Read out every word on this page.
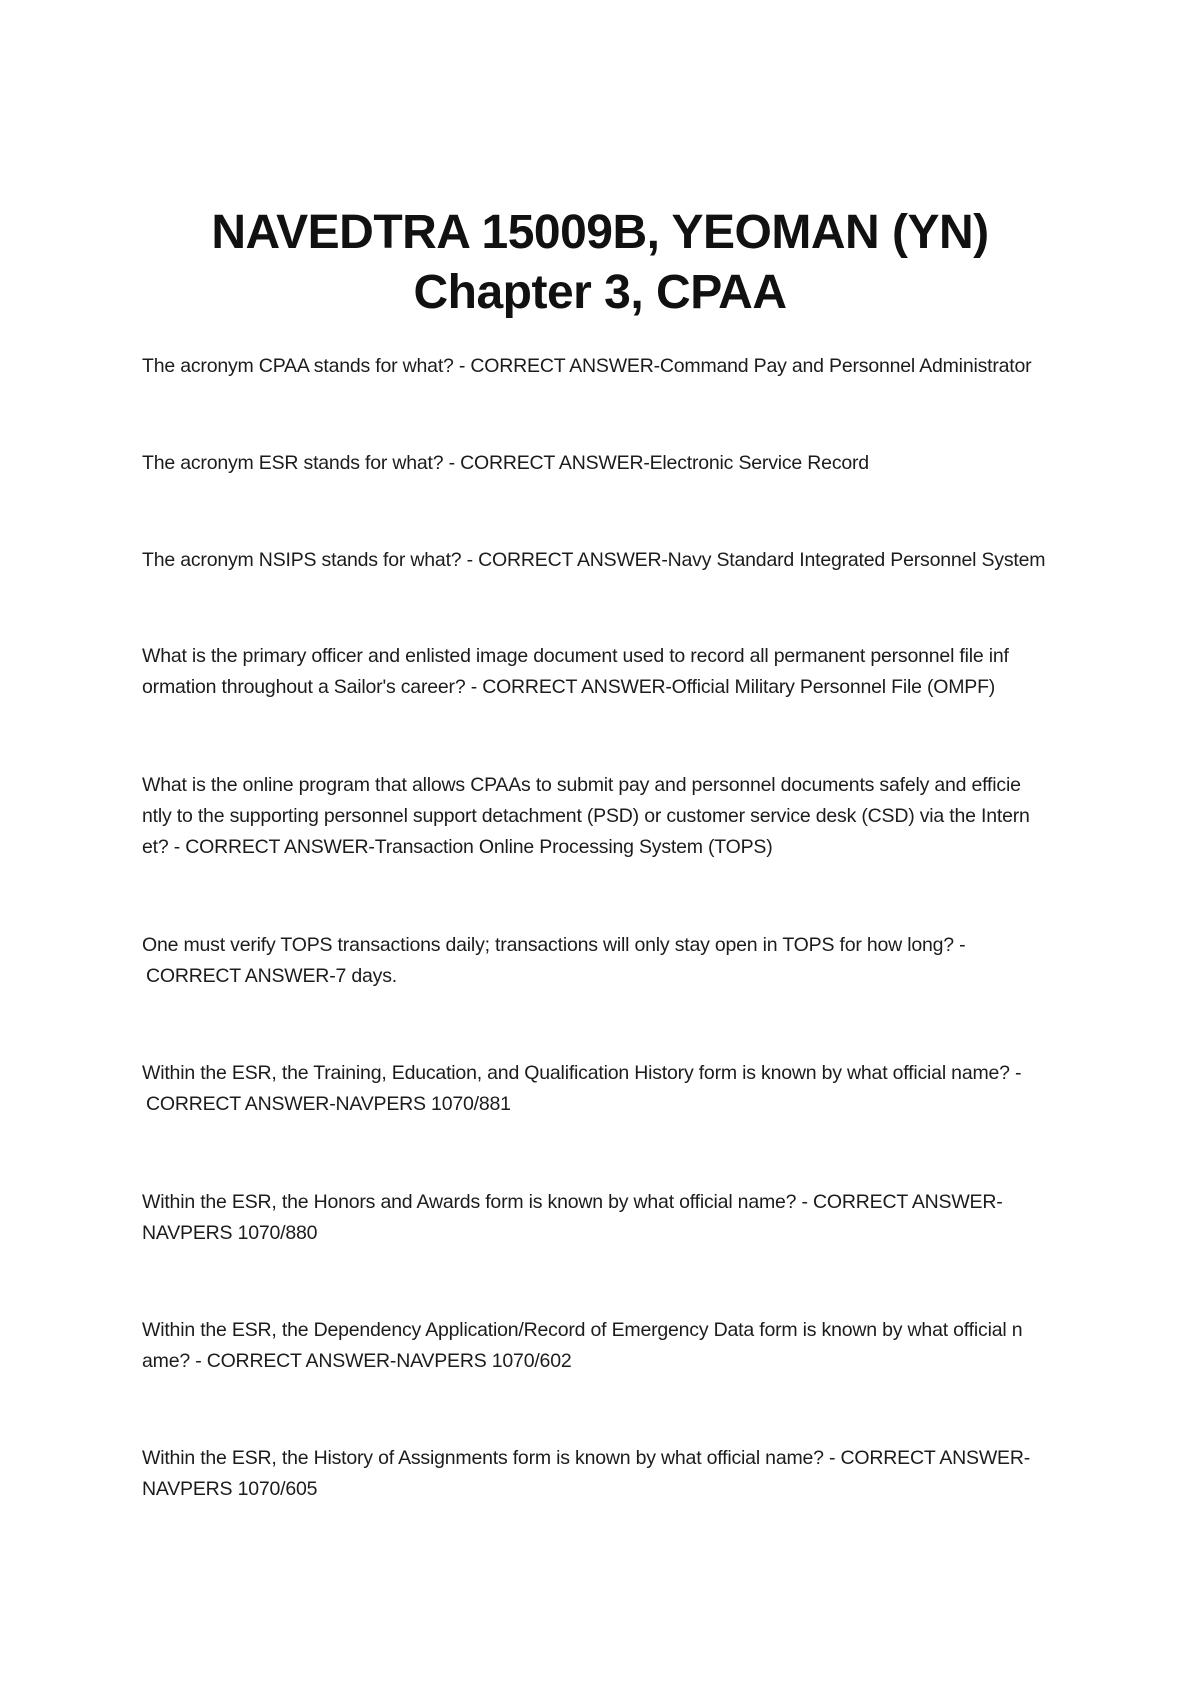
NAVEDTRA 15009B, YEOMAN (YN)
Chapter 3, CPAA
The acronym CPAA stands for what? - CORRECT ANSWER-Command Pay and Personnel Administrator
The acronym ESR stands for what? - CORRECT ANSWER-Electronic Service Record
The acronym NSIPS stands for what? - CORRECT ANSWER-Navy Standard Integrated Personnel System
What is the primary officer and enlisted image document used to record all permanent personnel file inf
ormation throughout a Sailor's career? - CORRECT ANSWER-Official Military Personnel File (OMPF)
What is the online program that allows CPAAs to submit pay and personnel documents safely and efficie
ntly to the supporting personnel support detachment (PSD) or customer service desk (CSD) via the Intern
et? - CORRECT ANSWER-Transaction Online Processing System (TOPS)
One must verify TOPS transactions daily; transactions will only stay open in TOPS for how long? -
CORRECT ANSWER-7 days.
Within the ESR, the Training, Education, and Qualification History form is known by what official name? -
CORRECT ANSWER-NAVPERS 1070/881
Within the ESR, the Honors and Awards form is known by what official name? - CORRECT ANSWER-
NAVPERS 1070/880
Within the ESR, the Dependency Application/Record of Emergency Data form is known by what official n
ame? - CORRECT ANSWER-NAVPERS 1070/602
Within the ESR, the History of Assignments form is known by what official name? - CORRECT ANSWER-
NAVPERS 1070/605
